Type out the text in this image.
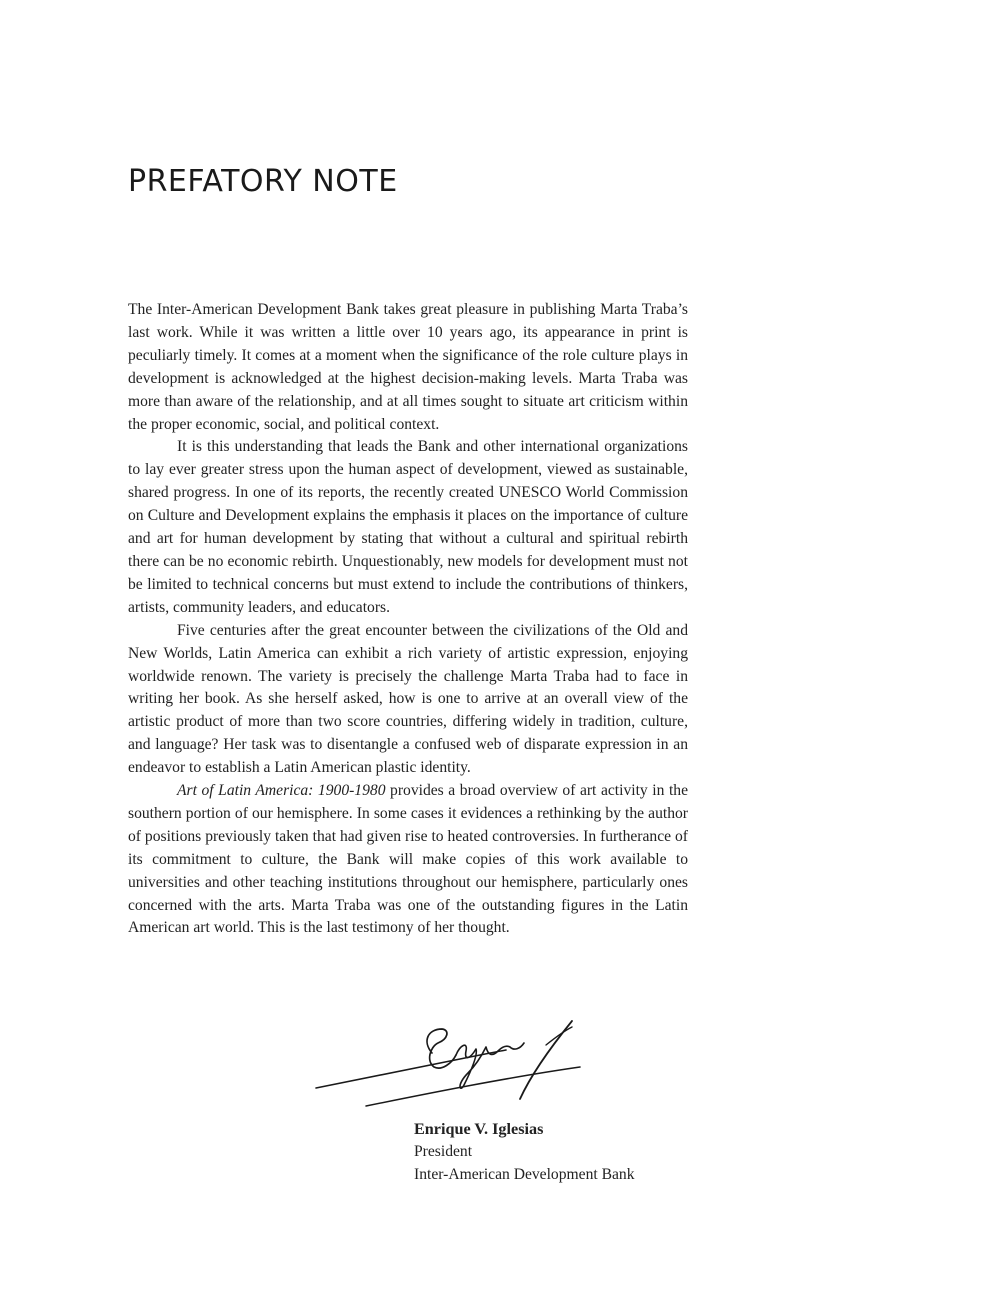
PREFATORY NOTE

The Inter-American Development Bank takes great pleasure in publishing Marta Traba’s last work. While it was written a little over 10 years ago, its appearance in print is peculiarly timely. It comes at a moment when the significance of the role culture plays in development is acknowledged at the highest decision-making levels. Marta Traba was more than aware of the relationship, and at all times sought to situate art criticism within the proper economic, social, and political context.

It is this understanding that leads the Bank and other international organizations to lay ever greater stress upon the human aspect of development, viewed as sustainable, shared progress. In one of its reports, the recently created UNESCO World Commission on Culture and Development explains the emphasis it places on the importance of culture and art for human development by stating that without a cultural and spiritual rebirth there can be no economic rebirth. Unquestionably, new models for development must not be limited to technical concerns but must extend to include the contributions of thinkers, artists, community leaders, and educators.

Five centuries after the great encounter between the civilizations of the Old and New Worlds, Latin America can exhibit a rich variety of artistic expression, enjoying worldwide renown. The variety is precisely the challenge Marta Traba had to face in writing her book. As she herself asked, how is one to arrive at an overall view of the artistic product of more than two score countries, differing widely in tradition, culture, and language? Her task was to disentangle a confused web of disparate expression in an endeavor to establish a Latin American plastic identity.

Art of Latin America: 1900-1980 provides a broad overview of art activity in the southern portion of our hemisphere. In some cases it evidences a rethinking by the author of positions previously taken that had given rise to heated controversies. In furtherance of its commitment to culture, the Bank will make copies of this work available to universities and other teaching institutions throughout our hemisphere, particularly ones concerned with the arts. Marta Traba was one of the outstanding figures in the Latin American art world. This is the last testimony of her thought.

Enrique V. Iglesias
President
Inter-American Development Bank
